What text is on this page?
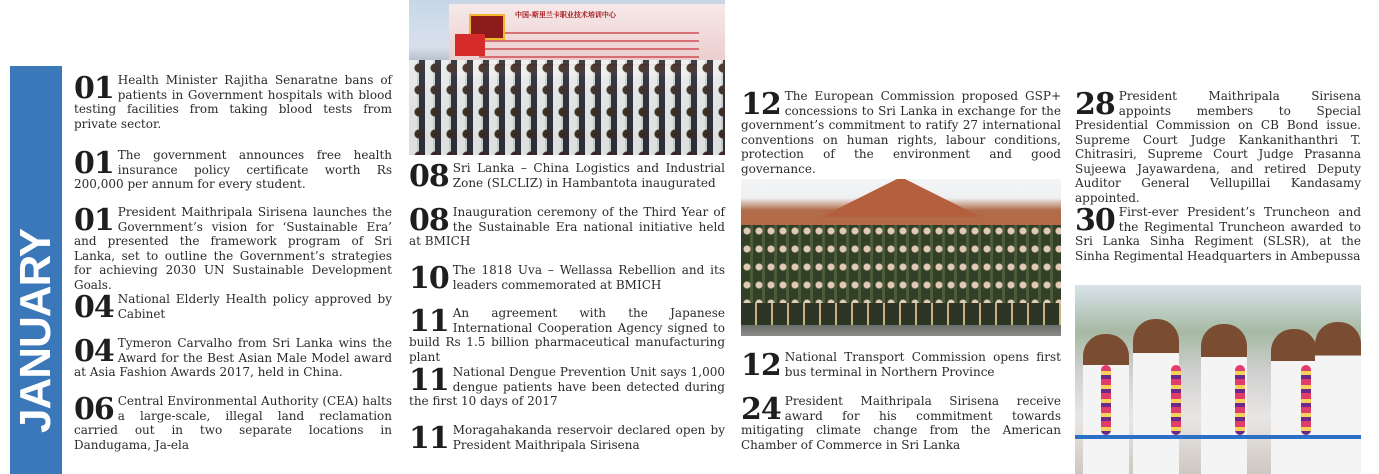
JANUARY
01 Health Minister Rajitha Senaratne bans of patients in Government hospitals with blood testing facilities from taking blood tests from private sector.
01 The government announces free health insurance policy certificate worth Rs 200,000 per annum for every student.
01 President Maithripala Sirisena launches the Government’s vision for ‘Sustainable Era’ and presented the framework program of Sri Lanka, set to outline the Government’s strategies for achieving 2030 UN Sustainable Development Goals.
04 National Elderly Health policy approved by Cabinet
04 Tymeron Carvalho from Sri Lanka wins the Award for the Best Asian Male Model award at Asia Fashion Awards 2017, held in China.
06 Central Environmental Authority (CEA) halts a large-scale, illegal land reclamation carried out in two separate locations in Dandugama, Ja-ela
中国-斯里兰卡职业技术培训中心
08 Sri Lanka – China Logistics and Industrial Zone (SLCLIZ) in Hambantota inaugurated
08 Inauguration ceremony of the Third Year of the Sustainable Era national initiative held at BMICH
10 The 1818 Uva – Wellassa Rebellion and its leaders commemorated at BMICH
11 An agreement with the Japanese International Cooperation Agency signed to build Rs 1.5 billion pharmaceutical manufacturing plant
11 National Dengue Prevention Unit says 1,000 dengue patients have been detected during the first 10 days of 2017
11 Moragahakanda reservoir declared open by President Maithripala Sirisena
12 The European Commission proposed GSP+ concessions to Sri Lanka in exchange for the government’s commitment to ratify 27 international conventions on human rights, labour conditions, protection of the environment and good governance.
12 National Transport Commission opens first bus terminal in Northern Province
24 President Maithripala Sirisena receive award for his commitment towards mitigating climate change from the American Chamber of Commerce in Sri Lanka
28 President Maithripala Sirisena appoints members to Special Presidential Commission on CB Bond issue. Supreme Court Judge Kankanithanthri T. Chitrasiri, Supreme Court Judge Prasanna Sujeewa Jayawardena, and retired Deputy Auditor General Vellupillai Kandasamy appointed.
30 First-ever President’s Truncheon and the Regimental Truncheon awarded to Sri Lanka Sinha Regiment (SLSR), at the Sinha Regimental Headquarters in Ambepussa
